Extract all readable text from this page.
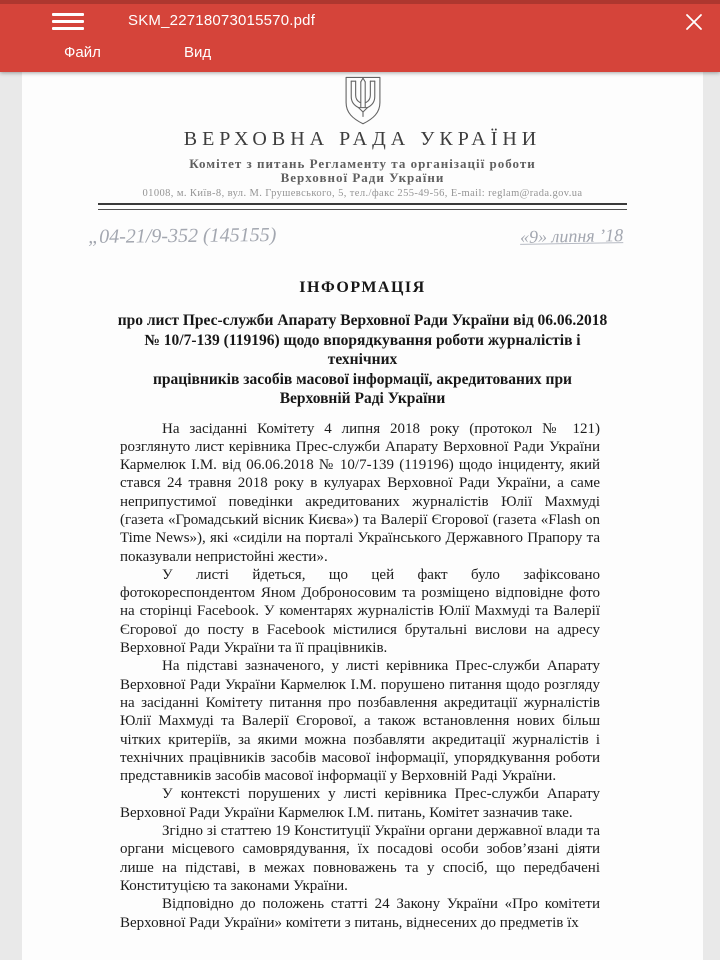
SKM_22718073015570.pdf
Файл	Вид
ВЕРХОВНА РАДА УКРАЇНИ
Комітет з питань Регламенту та організації роботи
Верховної Ради України
01008, м. Київ-8, вул. М. Грушевського, 5, тел./факс 255-49-56, E-mail: reglam@rada.gov.ua
„04-21/9-352 (145155)	«9» липня ’18
ІНФОРМАЦІЯ
про лист Прес-служби Апарату Верховної Ради України від 06.06.2018
№ 10/7-139 (119196) щодо впорядкування роботи журналістів і технічних
працівників засобів масової інформації, акредитованих при
Верховній Раді України

На засіданні Комітету 4 липня 2018 року (протокол № 121) розглянуто лист керівника Прес-служби Апарату Верховної Ради України Кармелюк І.М. від 06.06.2018 № 10/7-139 (119196) щодо інциденту, який стався 24 травня 2018 року в кулуарах Верховної Ради України, а саме неприпустимої поведінки акредитованих журналістів Юлії Махмуді (газета «Громадський вісник Києва») та Валерії Єгорової (газета «Flash on Time News»), які «сиділи на порталі Українського Державного Прапору та показували непристойні жести».

У листі йдеться, що цей факт було зафіксовано фотокореспондентом Яном Доброносовим та розміщено відповідне фото на сторінці Facebook. У коментарях журналістів Юлії Махмуді та Валерії Єгорової до посту в Facebook містилися брутальні вислови на адресу Верховної Ради України та її працівників.

На підставі зазначеного, у листі керівника Прес-служби Апарату Верховної Ради України Кармелюк І.М. порушено питання щодо розгляду на засіданні Комітету питання про позбавлення акредитації журналістів Юлії Махмуді та Валерії Єгорової, а також встановлення нових більш чітких критеріїв, за якими можна позбавляти акредитації журналістів і технічних працівників засобів масової інформації, упорядкування роботи представників засобів масової інформації у Верховній Раді України.

У контексті порушених у листі керівника Прес-служби Апарату Верховної Ради України Кармелюк І.М. питань, Комітет зазначив таке.

Згідно зі статтею 19 Конституції України органи державної влади та органи місцевого самоврядування, їх посадові особи зобов’язані діяти лише на підставі, в межах повноважень та у спосіб, що передбачені Конституцією та законами України.

Відповідно до положень статті 24 Закону України «Про комітети Верховної Ради України» комітети з питань, віднесених до предметів їх
